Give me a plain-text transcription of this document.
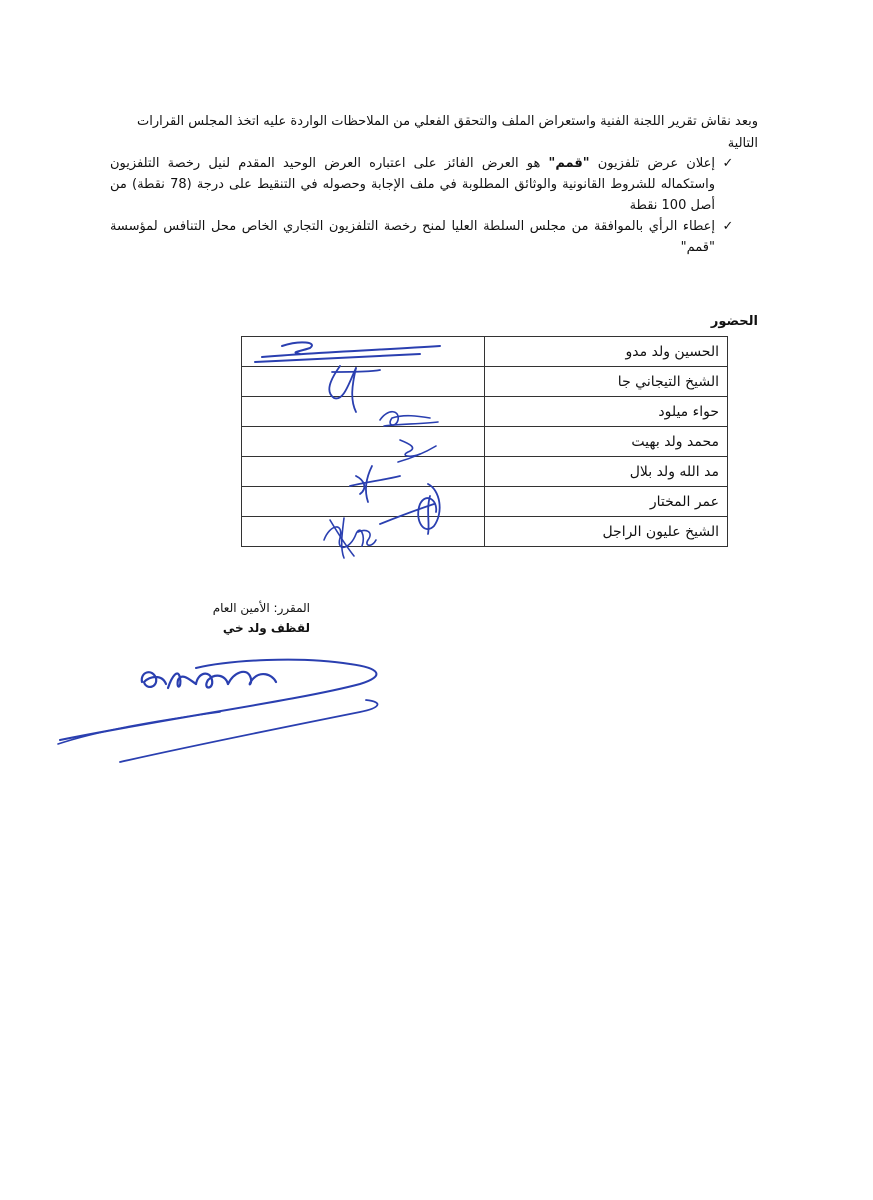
وبعد نقاش تقرير اللجنة الفنية واستعراض الملف والتحقق الفعلي من الملاحظات الواردة عليه اتخذ المجلس القرارات التالية

✓
إعلان عرض تلفزيون "قمم" هو العرض الفائز على اعتباره العرض الوحيد المقدم لنيل رخصة التلفزيون واستكماله للشروط القانونية والوثائق المطلوبة في ملف الإجابة وحصوله في التنقيط على درجة (78 نقطة) من أصل 100 نقطة
✓
إعطاء الرأي بالموافقة من مجلس السلطة العليا لمنح رخصة التلفزيون التجاري الخاص محل التنافس لمؤسسة "قمم"
الحضور
الحسين ولد مدو	
الشيخ التيجاني جا	
حواء ميلود	
محمد ولد بهيت	
مد الله ولد بلال	
عمر المختار	
الشيخ عليون الراجل	
المقرر: الأمين العام
لقظف ولد خي
